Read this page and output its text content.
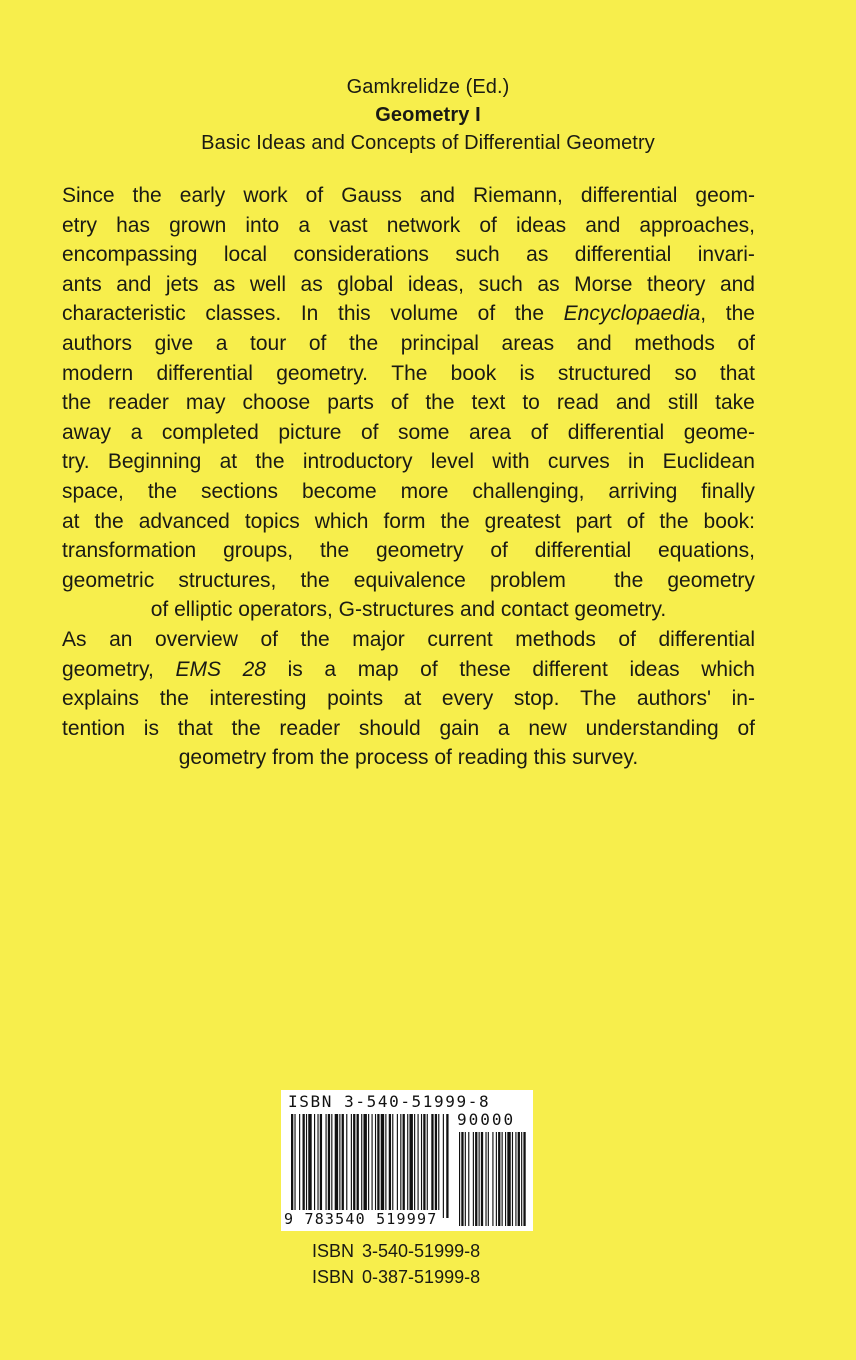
Gamkrelidze (Ed.)
Geometry I
Basic Ideas and Concepts of Differential Geometry
Since the early work of Gauss and Riemann, differential geom-
etry has grown into a vast network of ideas and approaches,
encompassing local considerations such as differential invari-
ants and jets as well as global ideas, such as Morse theory and
characteristic classes. In this volume of the Encyclopaedia, the
authors give a tour of the principal areas and methods of
modern differential geometry. The book is structured so that
the reader may choose parts of the text to read and still take
away a completed picture of some area of differential geome-
try. Beginning at the introductory level with curves in Euclidean
space, the sections become more challenging, arriving finally
at the advanced topics which form the greatest part of the book:
transformation groups, the geometry of differential equations,
geometric structures, the equivalence problem the geometry
of elliptic operators, G-structures and contact geometry.
As an overview of the major current methods of differential
geometry, EMS 28 is a map of these different ideas which
explains the interesting points at every stop. The authors' in-
tention is that the reader should gain a new understanding of
geometry from the process of reading this survey.
ISBN 3-540-51999-8
90000
9 783540 519997
ISBN 3-540-51999-8
ISBN 0-387-51999-8
